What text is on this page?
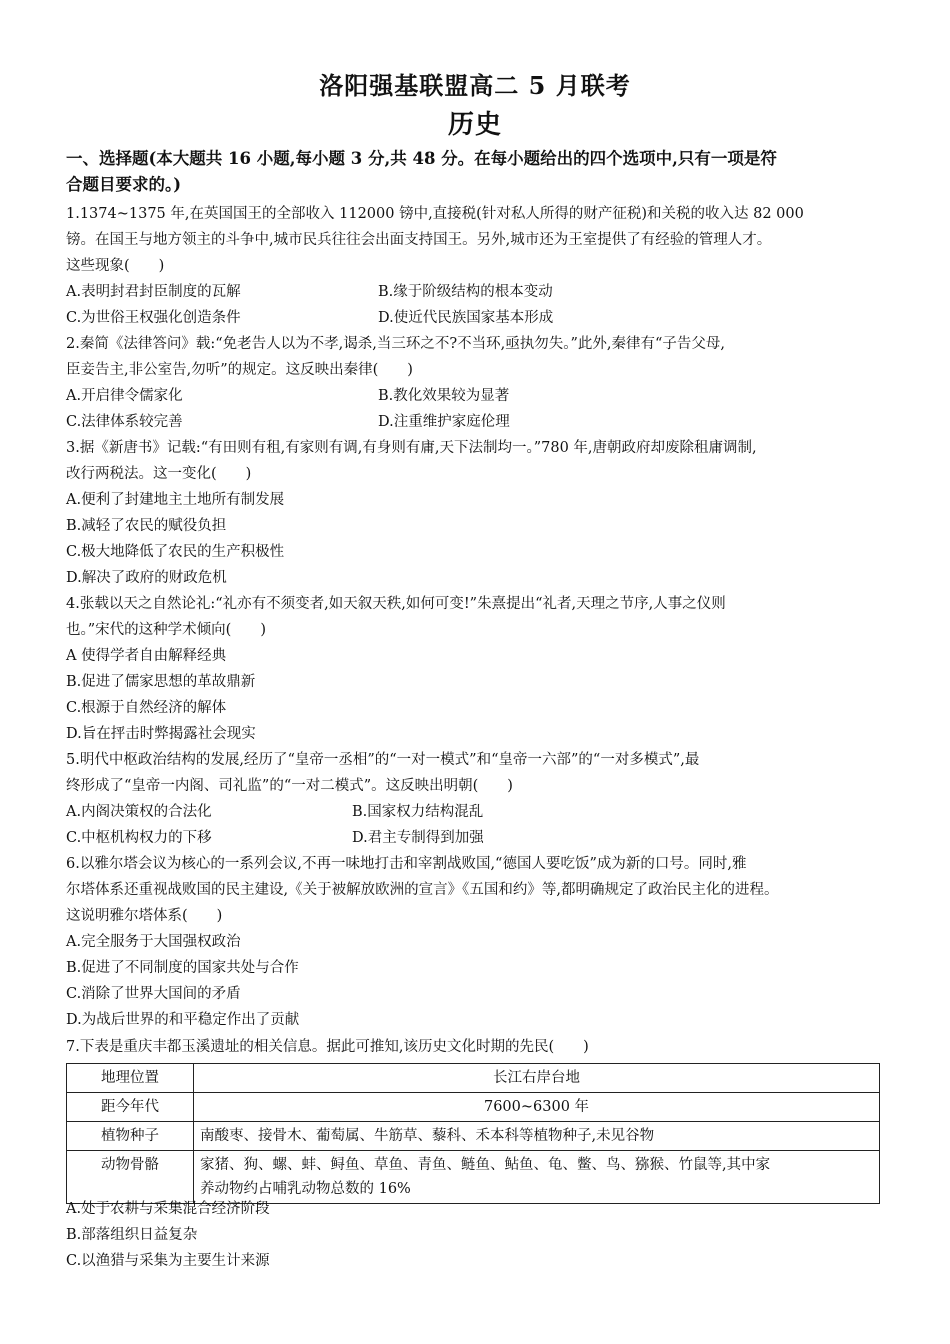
洛阳强基联盟高二 5 月联考
历史
一、选择题(本大题共 16 小题,每小题 3 分,共 48 分。在每小题给出的四个选项中,只有一项是符
合题目要求的。)
1.1374~1375 年,在英国国王的全部收入 112000 镑中,直接税(针对私人所得的财产征税)和关税的收入达 82 000
镑。在国王与地方领主的斗争中,城市民兵往往会出面支持国王。另外,城市还为王室提供了有经验的管理人才。
这些现象(　　)
A.表明封君封臣制度的瓦解	B.缘于阶级结构的根本变动
C.为世俗王权强化创造条件	D.使近代民族国家基本形成
2.秦简《法律答问》载:“免老告人以为不孝,谒杀,当三环之不?不当环,亟执勿失。”此外,秦律有“子告父母,
臣妾告主,非公室告,勿听”的规定。这反映出秦律(　　)
A.开启律令儒家化	B.教化效果较为显著
C.法律体系较完善	D.注重维护家庭伦理
3.据《新唐书》记载:“有田则有租,有家则有调,有身则有庸,天下法制均一。”780 年,唐朝政府却废除租庸调制,
改行两税法。这一变化(　　)
A.便利了封建地主土地所有制发展
B.减轻了农民的赋役负担
C.极大地降低了农民的生产积极性
D.解决了政府的财政危机
4.张载以天之自然论礼:“礼亦有不须变者,如天叙天秩,如何可变!”朱熹提出“礼者,天理之节序,人事之仪则
也。”宋代的这种学术倾向(　　)
A 使得学者自由解释经典
B.促进了儒家思想的革故鼎新
C.根源于自然经济的解体
D.旨在抨击时弊揭露社会现实
5.明代中枢政治结构的发展,经历了“皇帝一丞相”的“一对一模式”和“皇帝一六部”的“一对多模式”,最
终形成了“皇帝一内阁、司礼监”的“一对二模式”。这反映出明朝(　　)
A.内阁决策权的合法化	B.国家权力结构混乱
C.中枢机构权力的下移	D.君主专制得到加强
6.以雅尔塔会议为核心的一系列会议,不再一味地打击和宰割战败国,“德国人要吃饭”成为新的口号。同时,雅
尔塔体系还重视战败国的民主建设,《关于被解放欧洲的宣言》《五国和约》等,都明确规定了政治民主化的进程。
这说明雅尔塔体系(　　)
A.完全服务于大国强权政治
B.促进了不同制度的国家共处与合作
C.消除了世界大国间的矛盾
D.为战后世界的和平稳定作出了贡献
7.下表是重庆丰都玉溪遗址的相关信息。据此可推知,该历史文化时期的先民(　　)
地理位置	长江右岸台地
距今年代	7600~6300 年
植物种子	南酸枣、接骨木、葡萄属、牛筋草、藜科、禾本科等植物种子,未见谷物
动物骨骼	家猪、狗、螺、蚌、鲟鱼、草鱼、青鱼、鲢鱼、鲇鱼、龟、鳖、鸟、猕猴、竹鼠等,其中家
养动物约占哺乳动物总数的 16%
A.处于农耕与采集混合经济阶段
B.部落组织日益复杂
C.以渔猎与采集为主要生计来源
